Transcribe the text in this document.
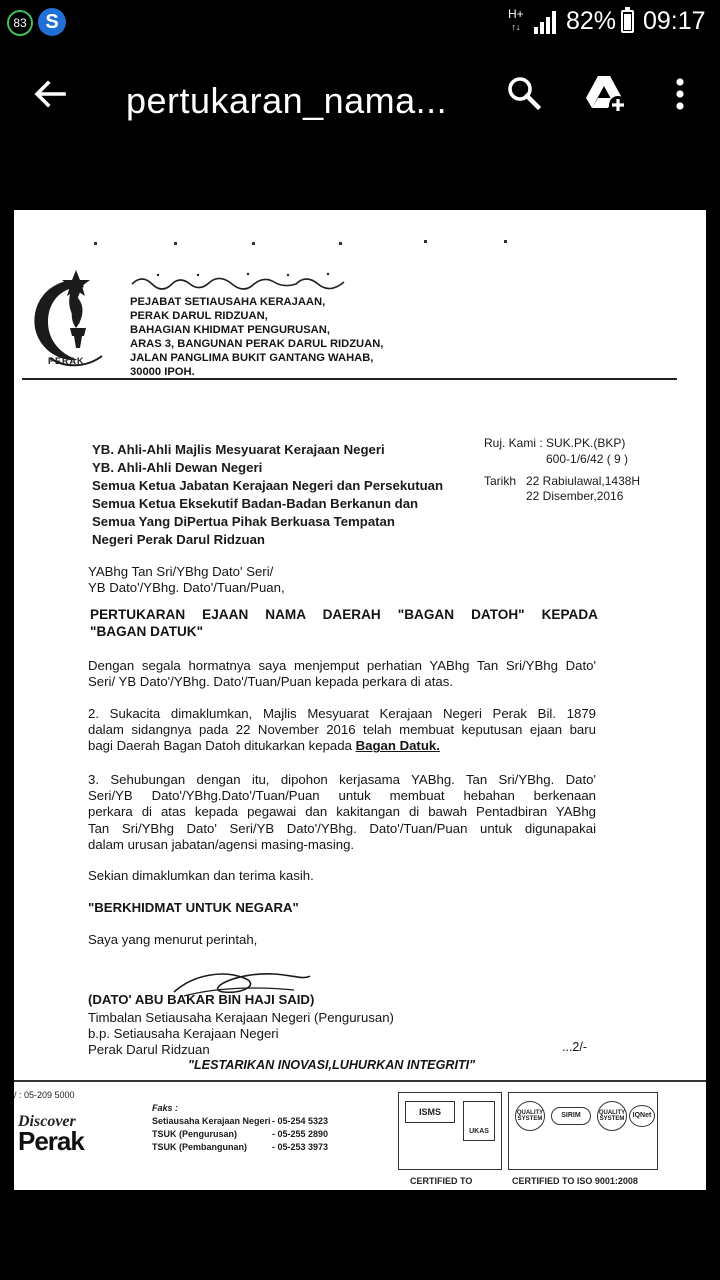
83 S	H+
↑↓ 82% 09:17
pertukaran_nama...
PERAK
PEJABAT SETIAUSAHA KERAJAAN,
PERAK DARUL RIDZUAN,
BAHAGIAN KHIDMAT PENGURUSAN,
ARAS 3, BANGUNAN PERAK DARUL RIDZUAN,
JALAN PANGLIMA BUKIT GANTANG WAHAB,
30000 IPOH.
YB. Ahli-Ahli Majlis Mesyuarat Kerajaan Negeri
YB. Ahli-Ahli Dewan Negeri
Semua Ketua Jabatan Kerajaan Negeri dan Persekutuan
Semua Ketua Eksekutif Badan-Badan Berkanun dan
Semua Yang DiPertua Pihak Berkuasa Tempatan
Negeri Perak Darul Ridzuan
Ruj. Kami : SUK.PK.(BKP)
600-1/6/42 ( 9 )
Tarikh 22 Rabiulawal,1438H
22 Disember,2016
YABhg Tan Sri/YBhg Dato' Seri/
YB Dato'/YBhg. Dato'/Tuan/Puan,
PERTUKARAN EJAAN NAMA DAERAH "BAGAN DATOH" KEPADA
"BAGAN DATUK"
Dengan segala hormatnya saya menjemput perhatian YABhg Tan Sri/YBhg Dato'
Seri/ YB Dato'/YBhg. Dato'/Tuan/Puan kepada perkara di atas.
2. Sukacita dimaklumkan, Majlis Mesyuarat Kerajaan Negeri Perak Bil. 1879
dalam sidangnya pada 22 November 2016 telah membuat keputusan ejaan baru
bagi Daerah Bagan Datoh ditukarkan kepada Bagan Datuk.
3. Sehubungan dengan itu, dipohon kerjasama YABhg. Tan Sri/YBhg. Dato'
Seri/YB Dato'/YBhg.Dato'/Tuan/Puan untuk membuat hebahan berkenaan
perkara di atas kepada pegawai dan kakitangan di bawah Pentadbiran YABhg
Tan Sri/YBhg Dato' Seri/YB Dato'/YBhg. Dato'/Tuan/Puan untuk digunapakai
dalam urusan jabatan/agensi masing-masing.
Sekian dimaklumkan dan terima kasih.
"BERKHIDMAT UNTUK NEGARA"
Saya yang menurut perintah,
(DATO' ABU BAKAR BIN HAJI SAID)
Timbalan Setiausaha Kerajaan Negeri (Pengurusan)
b.p. Setiausaha Kerajaan Negeri
Perak Darul Ridzuan	...2/-
"LESTARIKAN INOVASI,LUHURKAN INTEGRITI"
/ : 05-209 5000
Discover
Perak
Faks :
Setiausaha Kerajaan Negeri - 05-254 5323
TSUK (Pengurusan)	- 05-255 2890
TSUK (Pembangunan)	- 05-253 3973
ISMS
UKAS
QUALITY SYSTEM	SIRIM	QUALITY SYSTEM	IQNet
CERTIFIED TO	CERTIFIED TO ISO 9001:2008
